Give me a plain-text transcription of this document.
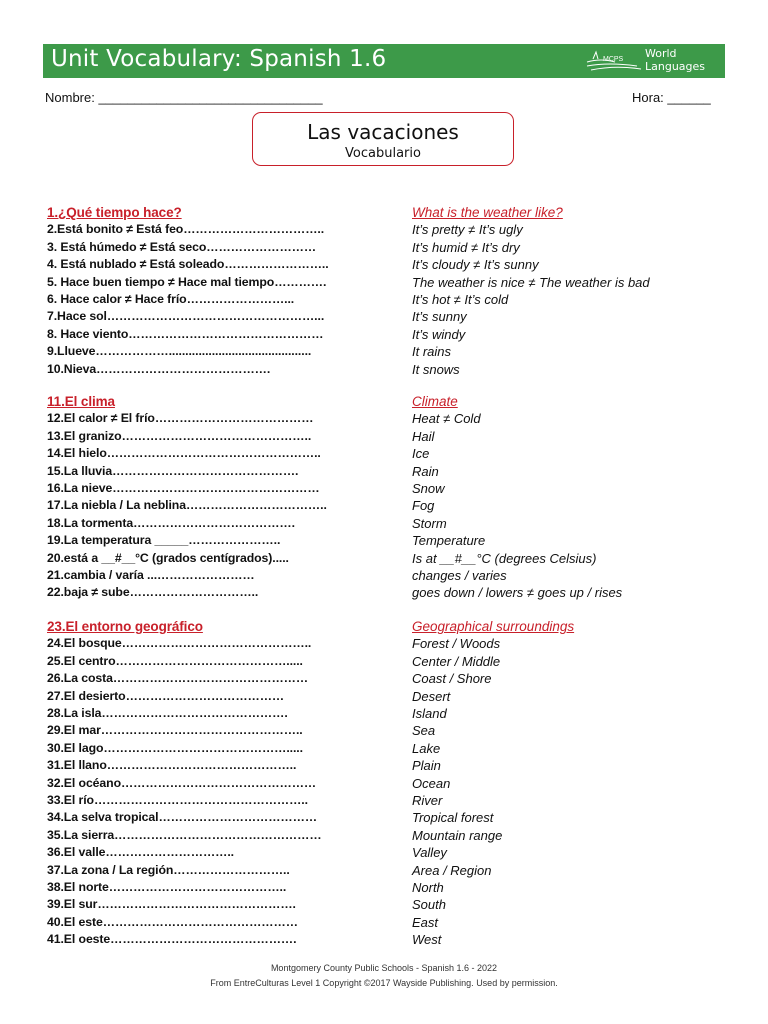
Unit Vocabulary: Spanish 1.6	MCPS World
Languages
Nombre: _______________________________	Hora: ______
Las vacaciones
Vocabulario
1.¿Qué tiempo hace?	What is the weather like?
2.Está bonito ≠ Está feo……………………………..	It’s pretty ≠ It’s ugly
3. Está húmedo ≠ Está seco………………………	It’s humid ≠ It’s dry
4. Está nublado ≠ Está soleado……………………..	It’s cloudy ≠ It’s sunny
5. Hace buen tiempo ≠ Hace mal tiempo………….	The weather is nice ≠ The weather is bad
6. Hace calor ≠ Hace frío……………………...	It’s hot ≠ It’s cold
7.Hace sol……………………………………………...	It’s sunny
8. Hace viento…………………………………………	It’s windy
9.Llueve………………...........................................	It rains
10.Nieva…………………………………….	It snows
11.El clima	Climate
12.El calor ≠ El frío…………………………………	Heat ≠ Cold
13.El granizo………………………………………..	Hail
14.El hielo……………………………………………..	Ice
15.La lluvia……………………………………….	Rain
16.La nieve……………………………………………	Snow
17.La niebla / La neblina……………………………..	Fog
18.La tormenta………………………………….	Storm
19.La temperatura _____…………………..	Temperature
20.está a __#__°C (grados centígrados).....	Is at __#__°C (degrees Celsius)
21.cambia / varía ...……………………	changes / varies
22.baja ≠ sube…………………………..	goes down / lowers ≠ goes up / rises
23.El entorno geográfico	Geographical surroundings
24.El bosque………………………………………..	Forest / Woods
25.El centro…………………………………….....	Center / Middle
26.La costa…………………………………………	Coast / Shore
27.El desierto…………………………………	Desert
28.La isla……………………………………….	Island
29.El mar…………………………………………..	Sea
30.El lago……………………………………….....	Lake
31.El llano………………………………………..	Plain
32.El océano…………………………………………	Ocean
33.El río……………………………………………..	River
34.La selva tropical…………………………………	Tropical forest
35.La sierra……………………………………………	Mountain range
36.El valle…………………………..	Valley
37.La zona / La región………………………..	Area / Region
38.El norte……………………………………..	North
39.El sur………………………………………….	South
40.El este…………………………………………	East
41.El oeste……………………………………….	West
Montgomery County Public Schools - Spanish 1.6 - 2022
From EntreCulturas Level 1 Copyright ©2017 Wayside Publishing. Used by permission.
